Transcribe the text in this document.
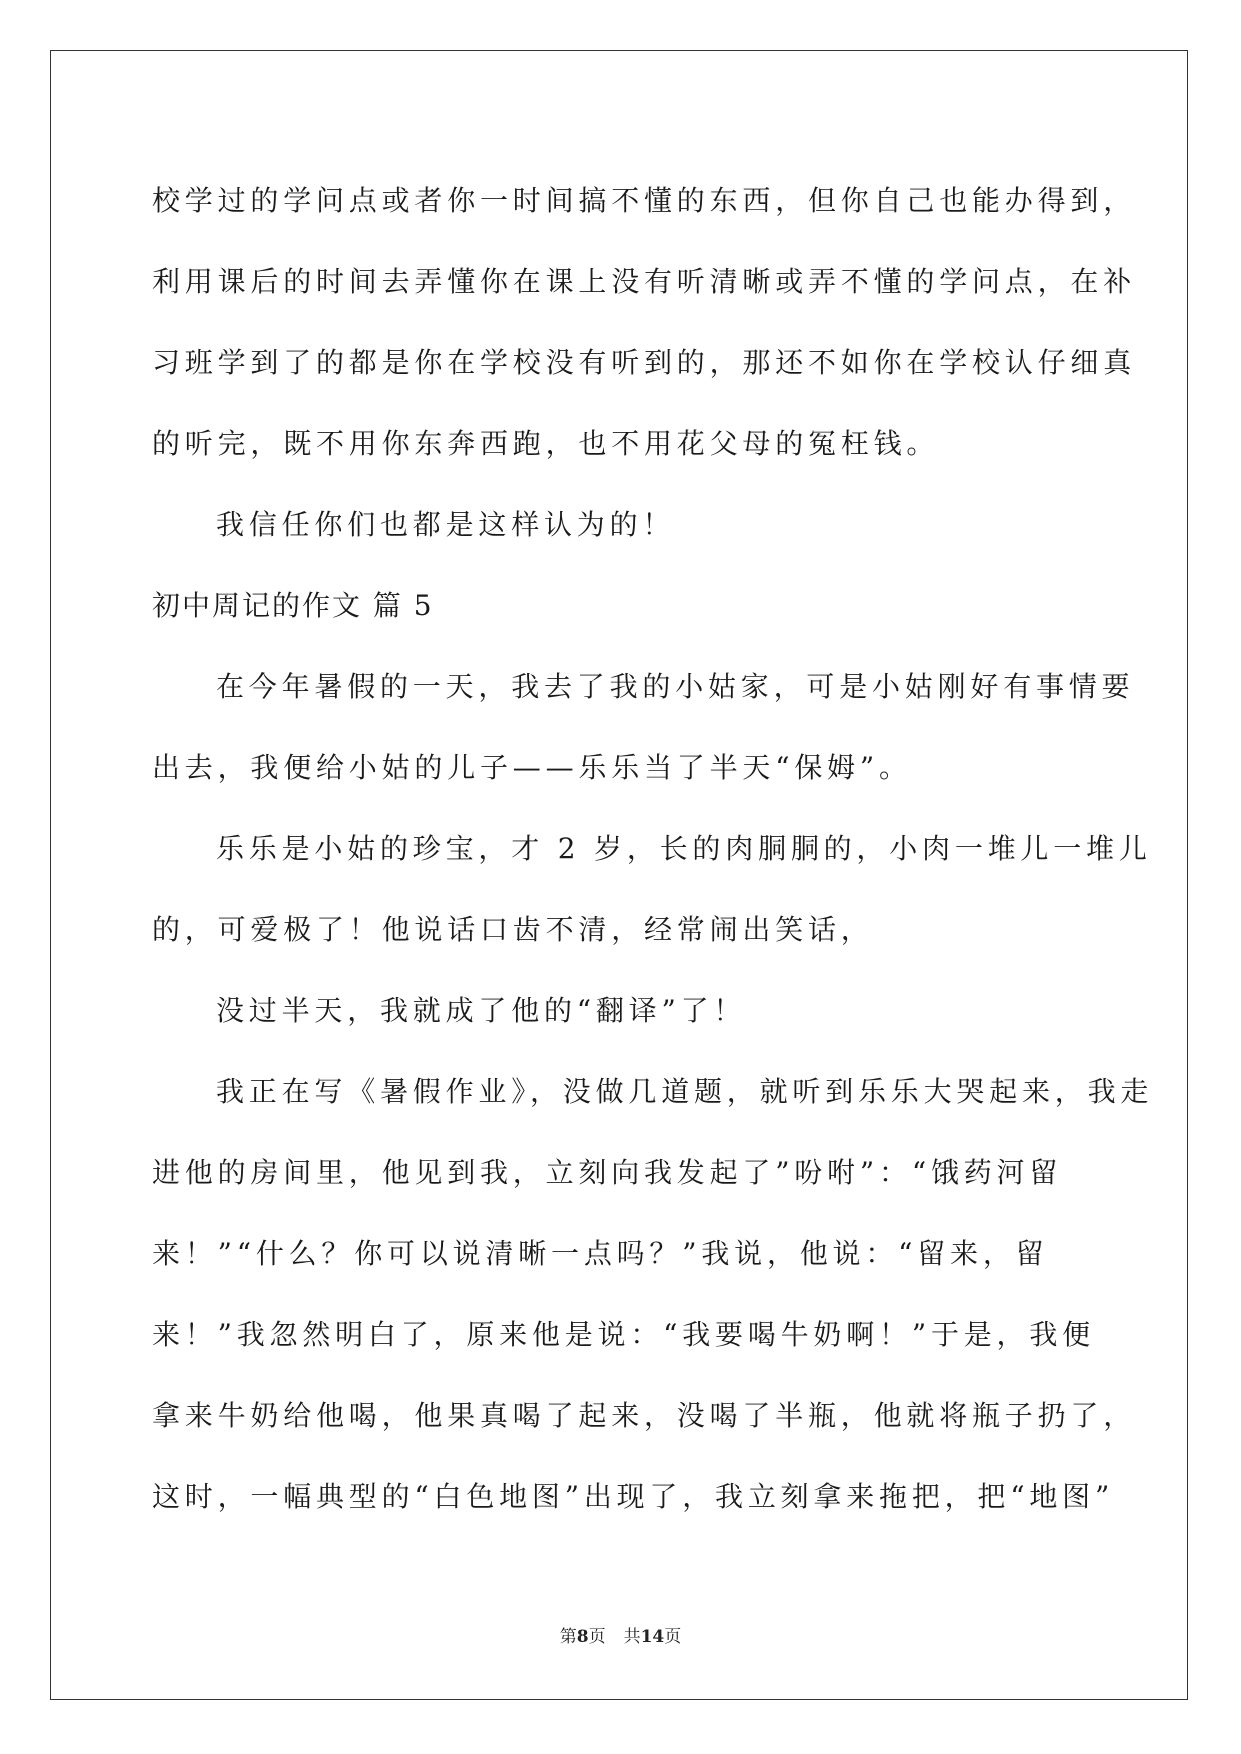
校学过的学问点或者你一时间搞不懂的东西，但你自己也能办得到，
利用课后的时间去弄懂你在课上没有听清晰或弄不懂的学问点，在补
习班学到了的都是你在学校没有听到的，那还不如你在学校认仔细真
的听完，既不用你东奔西跑，也不用花父母的冤枉钱。
我信任你们也都是这样认为的！
初中周记的作文 篇 5
在今年暑假的一天，我去了我的小姑家，可是小姑刚好有事情要
出去，我便给小姑的儿子——乐乐当了半天“保姆”。
乐乐是小姑的珍宝，才 2 岁，长的肉胴胴的，小肉一堆儿一堆儿
的，可爱极了！他说话口齿不清，经常闹出笑话，
没过半天，我就成了他的“翻译”了！
我正在写《暑假作业》，没做几道题，就听到乐乐大哭起来，我走
进他的房间里，他见到我，立刻向我发起了”吩咐”：“饿药河留
来！”“什么？你可以说清晰一点吗？”我说，他说：“留来，留
来！”我忽然明白了，原来他是说：“我要喝牛奶啊！”于是，我便
拿来牛奶给他喝，他果真喝了起来，没喝了半瓶，他就将瓶子扔了，
这时，一幅典型的“白色地图”出现了，我立刻拿来拖把，把“地图”
第8页 共14页
